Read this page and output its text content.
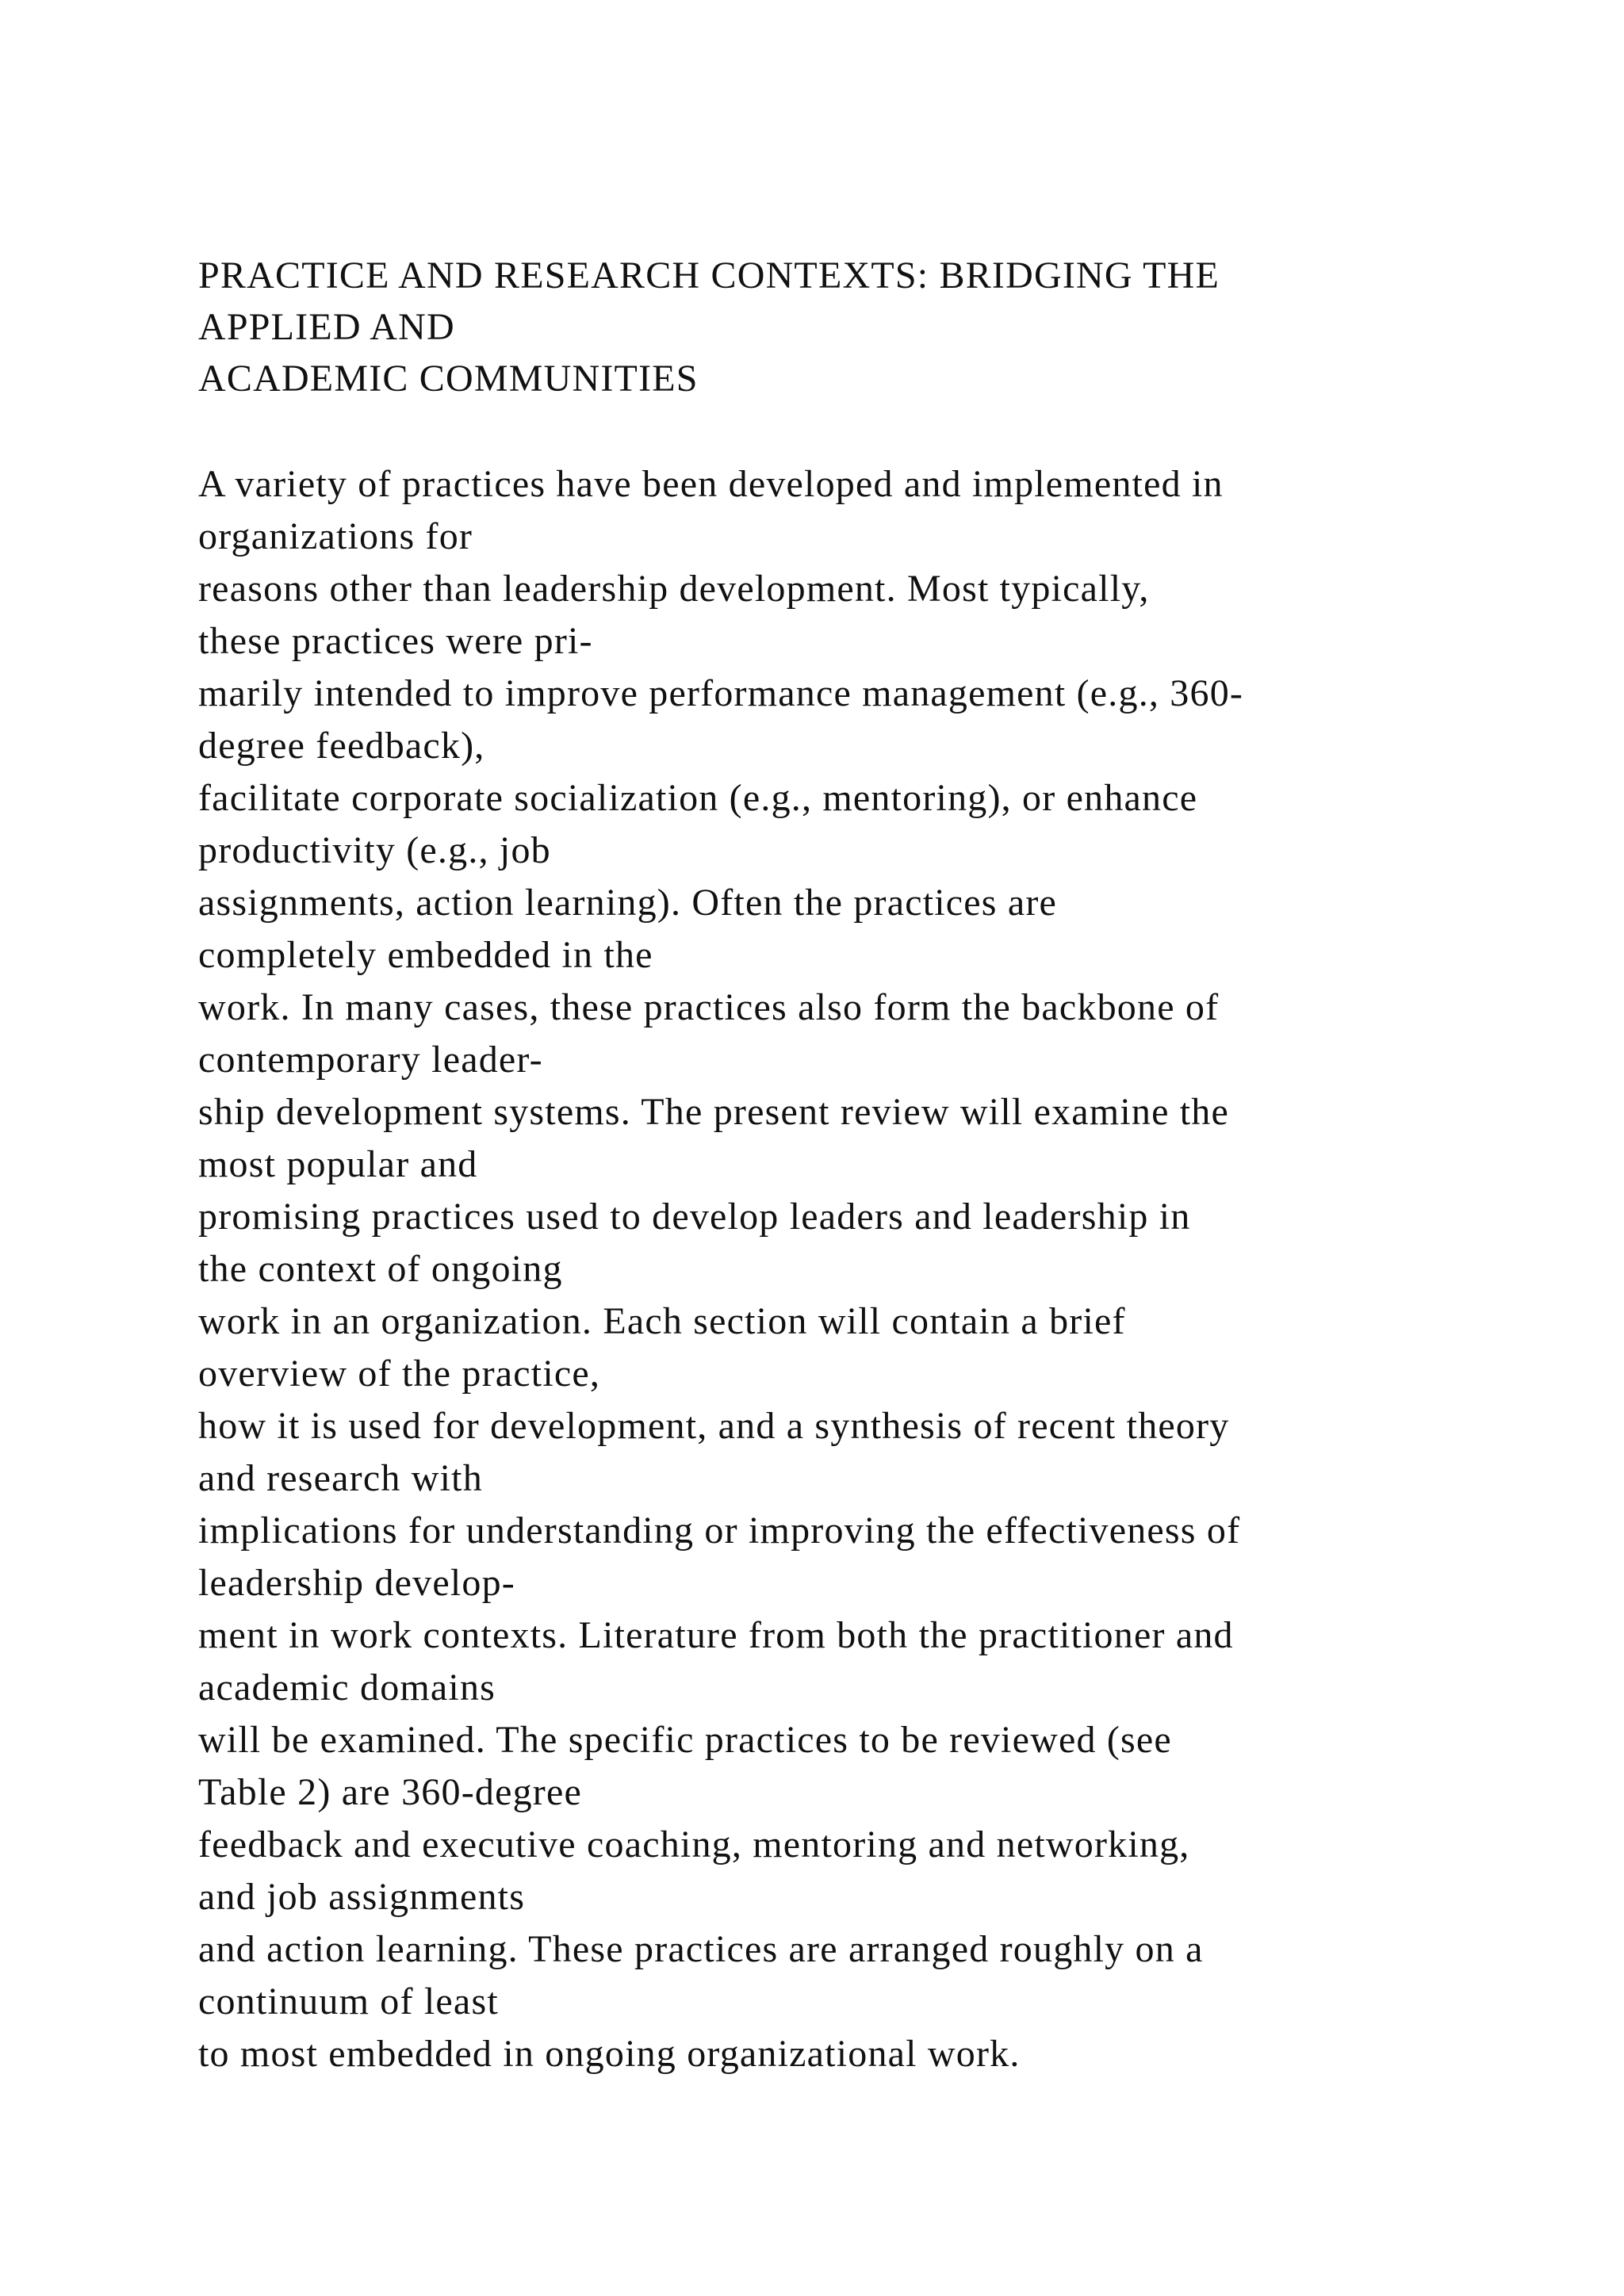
PRACTICE AND RESEARCH CONTEXTS: BRIDGING THE

APPLIED AND

ACADEMIC COMMUNITIES

A variety of practices have been developed and implemented in

organizations for

reasons other than leadership development. Most typically,

these practices were pri-

marily intended to improve performance management (e.g., 360-

degree feedback),

facilitate corporate socialization (e.g., mentoring), or enhance

productivity (e.g., job

assignments, action learning). Often the practices are

completely embedded in the

work. In many cases, these practices also form the backbone of

contemporary leader-

ship development systems. The present review will examine the

most popular and

promising practices used to develop leaders and leadership in

the context of ongoing

work in an organization. Each section will contain a brief

overview of the practice,

how it is used for development, and a synthesis of recent theory

and research with

implications for understanding or improving the effectiveness of

leadership develop-

ment in work contexts. Literature from both the practitioner and

academic domains

will be examined. The specific practices to be reviewed (see

Table 2) are 360-degree

feedback and executive coaching, mentoring and networking,

and job assignments

and action learning. These practices are arranged roughly on a

continuum of least

to most embedded in ongoing organizational work.
